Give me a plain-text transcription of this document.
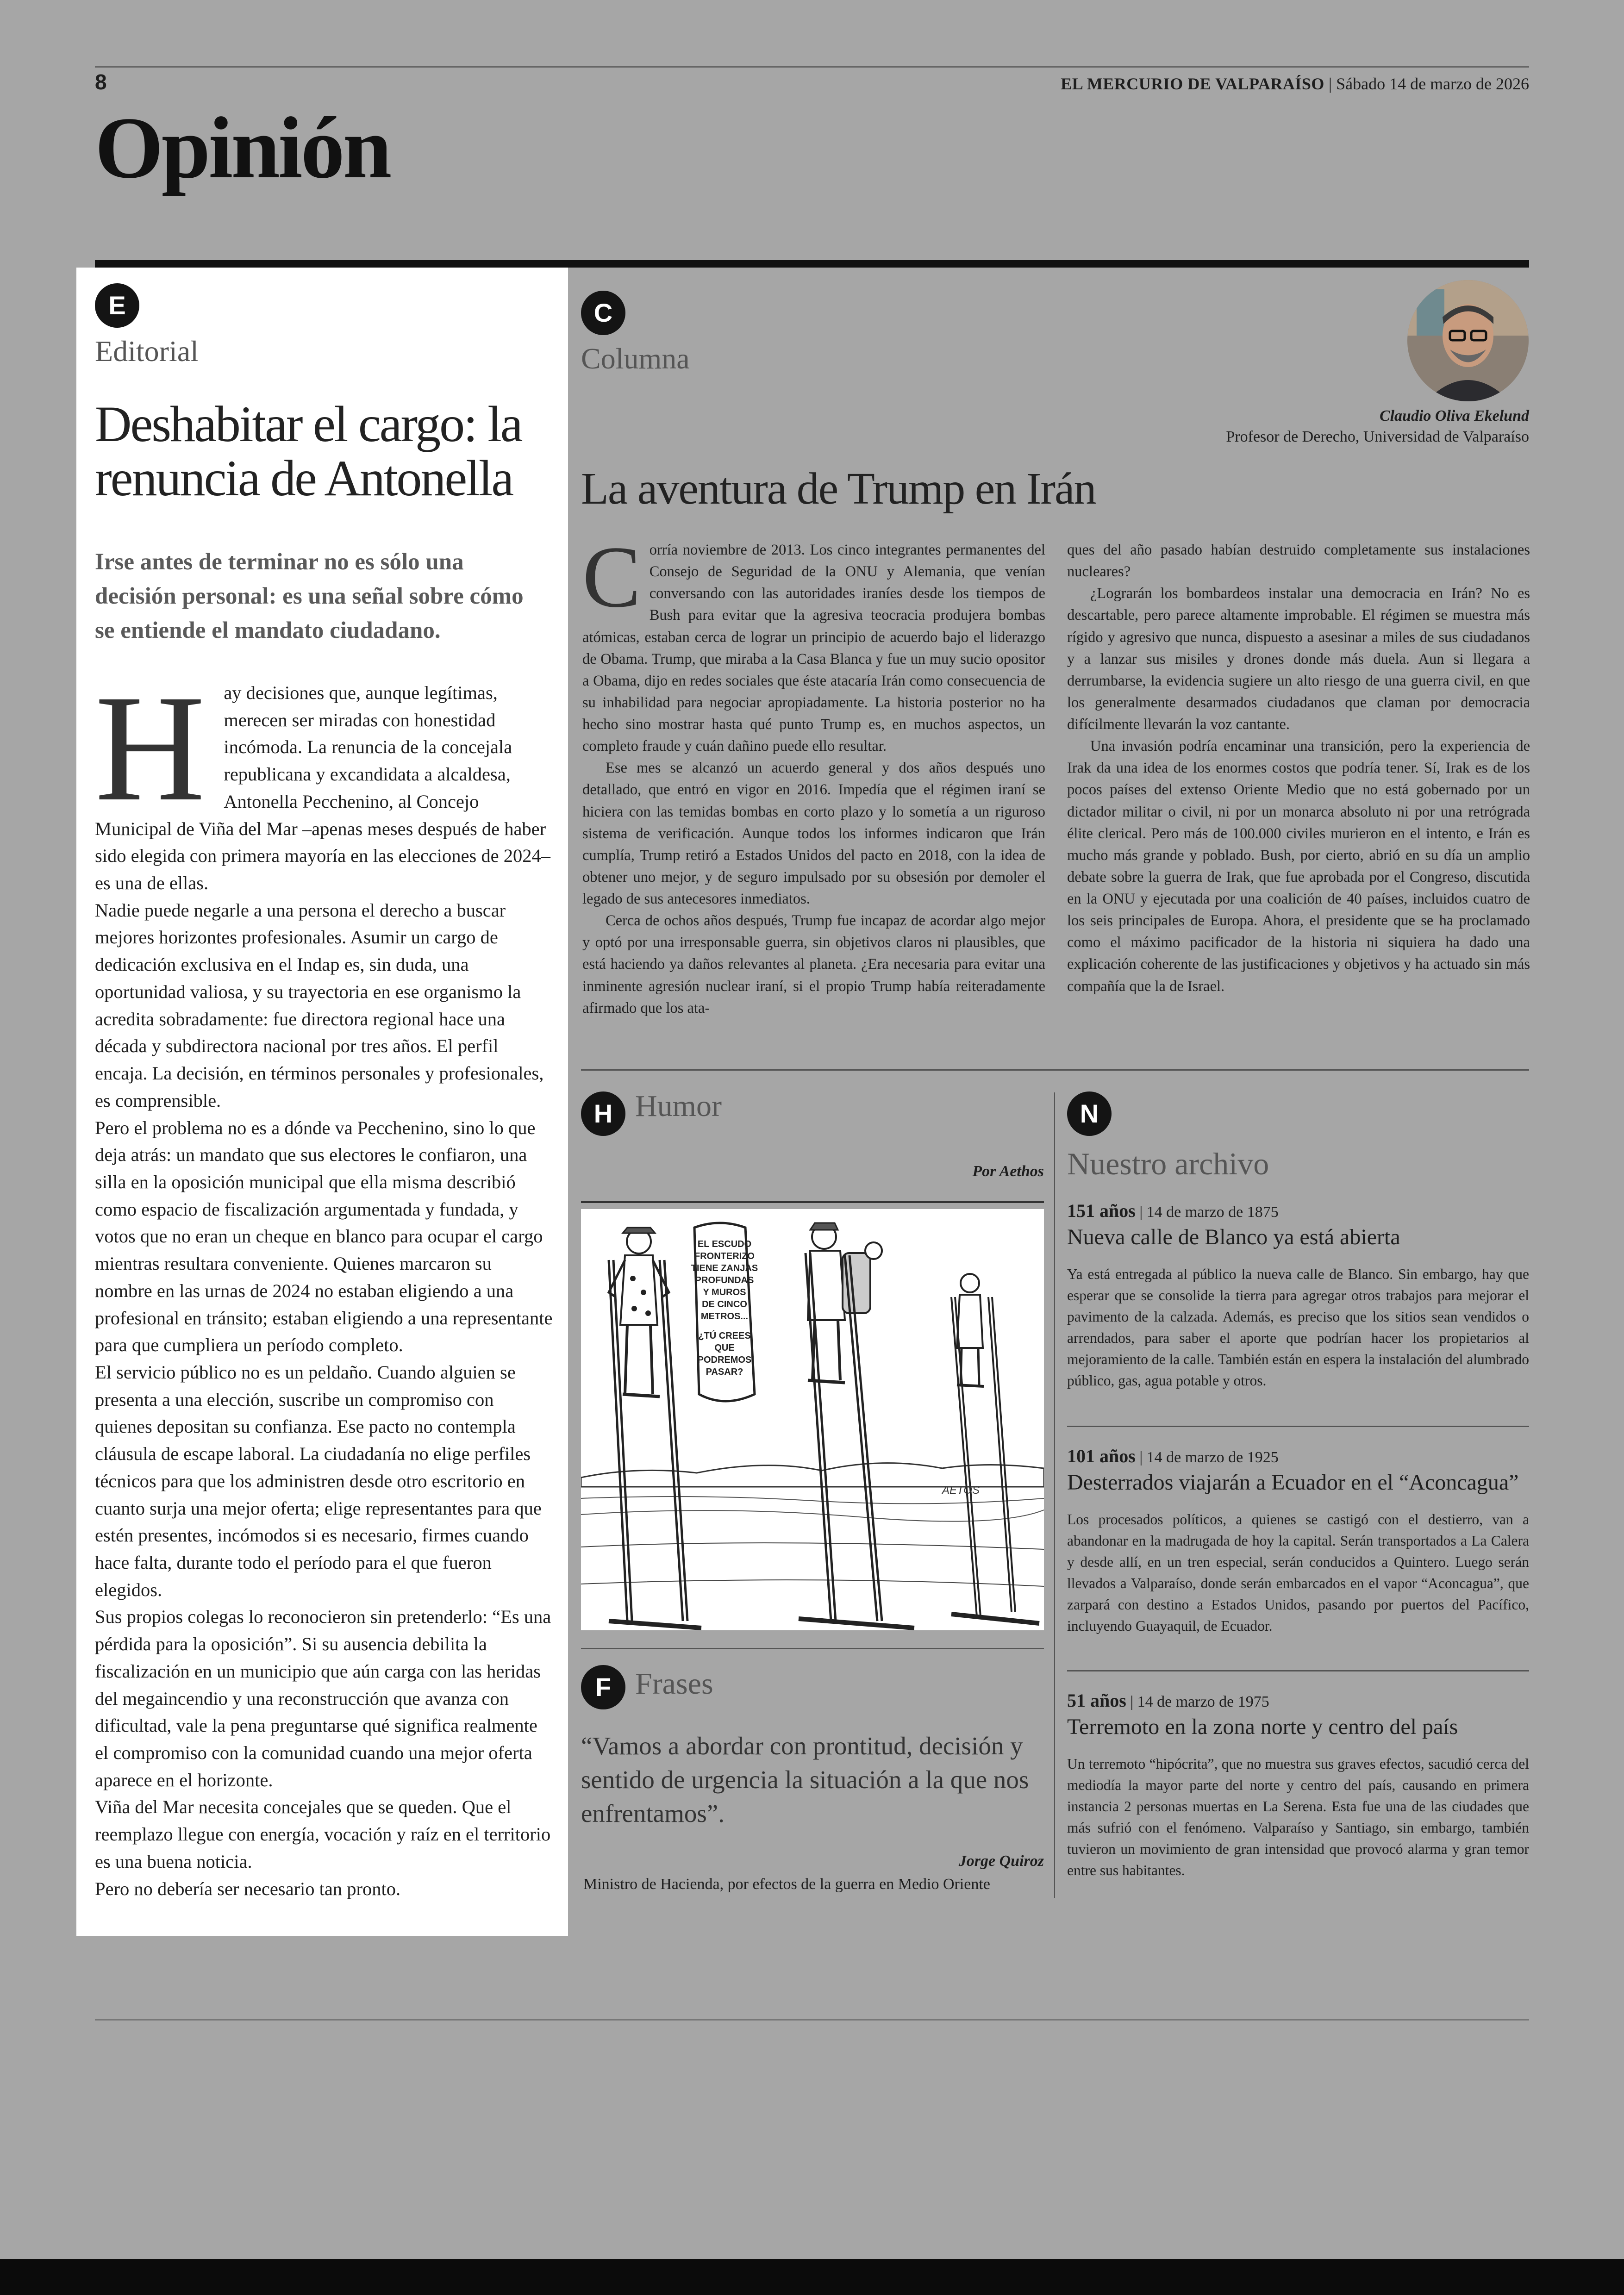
8	EL MERCURIO DE VALPARAÍSO | Sábado 14 de marzo de 2026
Opinión
E
Editorial
Deshabitar el cargo: la renuncia de Antonella
Irse antes de terminar no es sólo una decisión personal: es una señal sobre cómo se entiende el mandato ciudadano.

Hay decisiones que, aunque legítimas, merecen ser miradas con honestidad incómoda. La renuncia de la concejala republicana y excandidata a alcaldesa, Antonella Pecchenino, al Concejo Municipal de Viña del Mar –apenas meses después de haber sido elegida con primera mayoría en las elecciones de 2024– es una de ellas.

Nadie puede negarle a una persona el derecho a buscar mejores horizontes profesionales. Asumir un cargo de dedicación exclusiva en el Indap es, sin duda, una oportunidad valiosa, y su trayectoria en ese organismo la acredita sobradamente: fue directora regional hace una década y subdirectora nacional por tres años. El perfil encaja. La decisión, en términos personales y profesionales, es comprensible.

Pero el problema no es a dónde va Pecchenino, sino lo que deja atrás: un mandato que sus electores le confiaron, una silla en la oposición municipal que ella misma describió como espacio de fiscalización argumentada y fundada, y votos que no eran un cheque en blanco para ocupar el cargo mientras resultara conveniente. Quienes marcaron su nombre en las urnas de 2024 no estaban eligiendo a una profesional en tránsito; estaban eligiendo a una representante para que cumpliera un período completo.

El servicio público no es un peldaño. Cuando alguien se presenta a una elección, suscribe un compromiso con quienes depositan su confianza. Ese pacto no contempla cláusula de escape laboral. La ciudadanía no elige perfiles técnicos para que los administren desde otro escritorio en cuanto surja una mejor oferta; elige representantes para que estén presentes, incómodos si es necesario, firmes cuando hace falta, durante todo el período para el que fueron elegidos.

Sus propios colegas lo reconocieron sin pretenderlo: “Es una pérdida para la oposición”. Si su ausencia debilita la fiscalización en un municipio que aún carga con las heridas del megaincendio y una reconstrucción que avanza con dificultad, vale la pena preguntarse qué significa realmente el compromiso con la comunidad cuando una mejor oferta aparece en el horizonte.

Viña del Mar necesita concejales que se queden. Que el reemplazo llegue con energía, vocación y raíz en el territorio es una buena noticia.

Pero no debería ser necesario tan pronto.

C
Columna
Claudio Oliva Ekelund
Profesor de Derecho, Universidad de Valparaíso
La aventura de Trump en Irán

Corría noviembre de 2013. Los cinco integrantes permanentes del Consejo de Seguridad de la ONU y Alemania, que venían conversando con las autoridades iraníes desde los tiempos de Bush para evitar que la agresiva teocracia produjera bombas atómicas, estaban cerca de lograr un principio de acuerdo bajo el liderazgo de Obama. Trump, que miraba a la Casa Blanca y fue un muy sucio opositor a Obama, dijo en redes sociales que éste atacaría Irán como consecuencia de su inhabilidad para negociar apropiadamente. La historia posterior no ha hecho sino mostrar hasta qué punto Trump es, en muchos aspectos, un completo fraude y cuán dañino puede ello resultar.

Ese mes se alcanzó un acuerdo general y dos años después uno detallado, que entró en vigor en 2016. Impedía que el régimen iraní se hiciera con las temidas bombas en corto plazo y lo sometía a un riguroso sistema de verificación. Aunque todos los informes indicaron que Irán cumplía, Trump retiró a Estados Unidos del pacto en 2018, con la idea de obtener uno mejor, y de seguro impulsado por su obsesión por demoler el legado de sus antecesores inmediatos.

Cerca de ochos años después, Trump fue incapaz de acordar algo mejor y optó por una irresponsable guerra, sin objetivos claros ni plausibles, que está haciendo ya daños relevantes al planeta. ¿Era necesaria para evitar una inminente agresión nuclear iraní, si el propio Trump había reiteradamente afirmado que los ata-

ques del año pasado habían destruido completamente sus instalaciones nucleares?

¿Lograrán los bombardeos instalar una democracia en Irán? No es descartable, pero parece altamente improbable. El régimen se muestra más rígido y agresivo que nunca, dispuesto a asesinar a miles de sus ciudadanos y a lanzar sus misiles y drones donde más duela. Aun si llegara a derrumbarse, la evidencia sugiere un alto riesgo de una guerra civil, en que los generalmente desarmados ciudadanos que claman por democracia difícilmente llevarán la voz cantante.

Una invasión podría encaminar una transición, pero la experiencia de Irak da una idea de los enormes costos que podría tener. Sí, Irak es de los pocos países del extenso Oriente Medio que no está gobernado por un dictador militar o civil, ni por un monarca absoluto ni por una retrógrada élite clerical. Pero más de 100.000 civiles murieron en el intento, e Irán es mucho más grande y poblado. Bush, por cierto, abrió en su día un amplio debate sobre la guerra de Irak, que fue aprobada por el Congreso, discutida en la ONU y ejecutada por una coalición de 40 países, incluidos cuatro de los seis principales de Europa. Ahora, el presidente que se ha proclamado como el máximo pacificador de la historia ni siquiera ha dado una explicación coherente de las justificaciones y objetivos y ha actuado sin más compañía que la de Israel.

H Humor
Por Aethos
EL ESCUDO
FRONTERIZO
TIENE ZANJAS
PROFUNDAS
Y MUROS
DE CINCO
METROS...
¿TÚ CREES
QUE
PODREMOS
PASAR?
AETOS
F Frases
“Vamos a abordar con prontitud, decisión y sentido de urgencia la situación a la que nos enfrentamos”.
Jorge Quiroz
Ministro de Hacienda, por efectos de la guerra en Medio Oriente
N
Nuestro archivo
151 años | 14 de marzo de 1875
Nueva calle de Blanco ya está abierta
Ya está entregada al público la nueva calle de Blanco. Sin embargo, hay que esperar que se consolide la tierra para agregar otros trabajos para mejorar el pavimento de la calzada. Además, es preciso que los sitios sean vendidos o arrendados, para saber el aporte que podrían hacer los propietarios al mejoramiento de la calle. También están en espera la instalación del alumbrado público, gas, agua potable y otros.
101 años | 14 de marzo de 1925
Desterrados viajarán a Ecuador en el “Aconcagua”
Los procesados políticos, a quienes se castigó con el destierro, van a abandonar en la madrugada de hoy la capital. Serán transportados a La Calera y desde allí, en un tren especial, serán conducidos a Quintero. Luego serán llevados a Valparaíso, donde serán embarcados en el vapor “Aconcagua”, que zarpará con destino a Estados Unidos, pasando por puertos del Pacífico, incluyendo Guayaquil, de Ecuador.
51 años | 14 de marzo de 1975
Terremoto en la zona norte y centro del país
Un terremoto “hipócrita”, que no muestra sus graves efectos, sacudió cerca del mediodía la mayor parte del norte y centro del país, causando en primera instancia 2 personas muertas en La Serena. Esta fue una de las ciudades que más sufrió con el fenómeno. Valparaíso y Santiago, sin embargo, también tuvieron un movimiento de gran intensidad que provocó alarma y gran temor entre sus habitantes.
